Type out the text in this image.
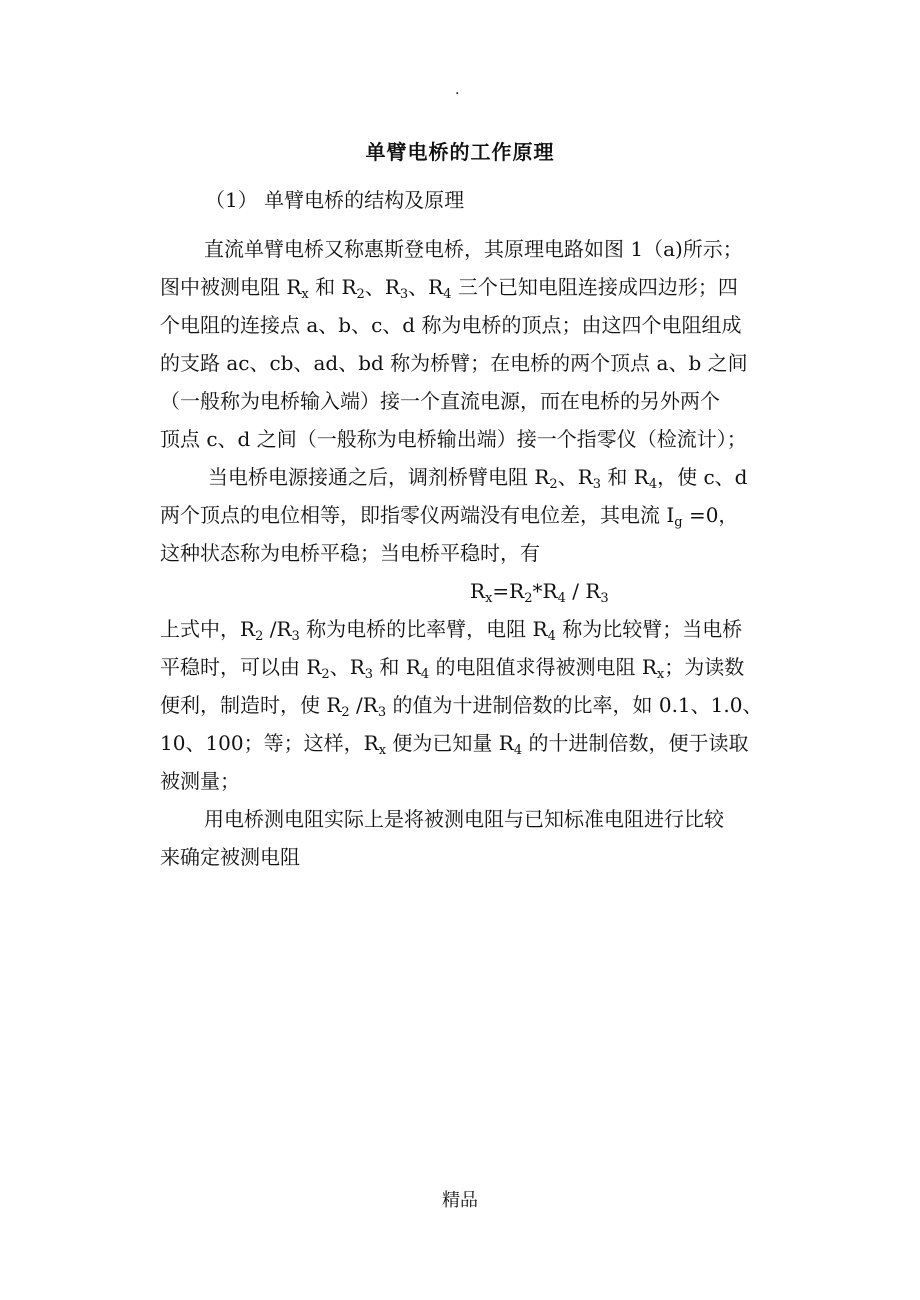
.
单臂电桥的工作原理
（1） 单臂电桥的结构及原理
直流单臂电桥又称惠斯登电桥，其原理电路如图 1（a)所示；
图中被测电阻 $R_x$ 和 $R_2$、$R_3$、$R_4$ 三个已知电阻连接成四边形；四
个电阻的连接点 a、b、c、d 称为电桥的顶点；由这四个电阻组成
的支路 ac、cb、ad、bd 称为桥臂；在电桥的两个顶点 a、b 之间
（一般称为电桥输入端）接一个直流电源，而在电桥的另外两个
顶点 c、d 之间（一般称为电桥输出端）接一个指零仪（检流计）；
当电桥电源接通之后，调剂桥臂电阻 $R_2$、$R_3$ 和 $R_4$，使 c、d
两个顶点的电位相等，即指零仪两端没有电位差，其电流 $I_g =0$，
这种状态称为电桥平稳；当电桥平稳时，有
$R_x=R_2*R_4 / R_3$
上式中，$R_2$ $/R_3$ 称为电桥的比率臂，电阻 $R_4$ 称为比较臂；当电桥
平稳时，可以由 $R_2$、$R_3$ 和 $R_4$ 的电阻值求得被测电阻 $R_x$；为读数
便利，制造时，使 $R_2$ $/R_3$ 的值为十进制倍数的比率，如 0.1、1.0、
10、100；等；这样，$R_x$ 便为已知量 $R_4$ 的十进制倍数，便于读取
被测量；
用电桥测电阻实际上是将被测电阻与已知标准电阻进行比较
来确定被测电阻
精品
